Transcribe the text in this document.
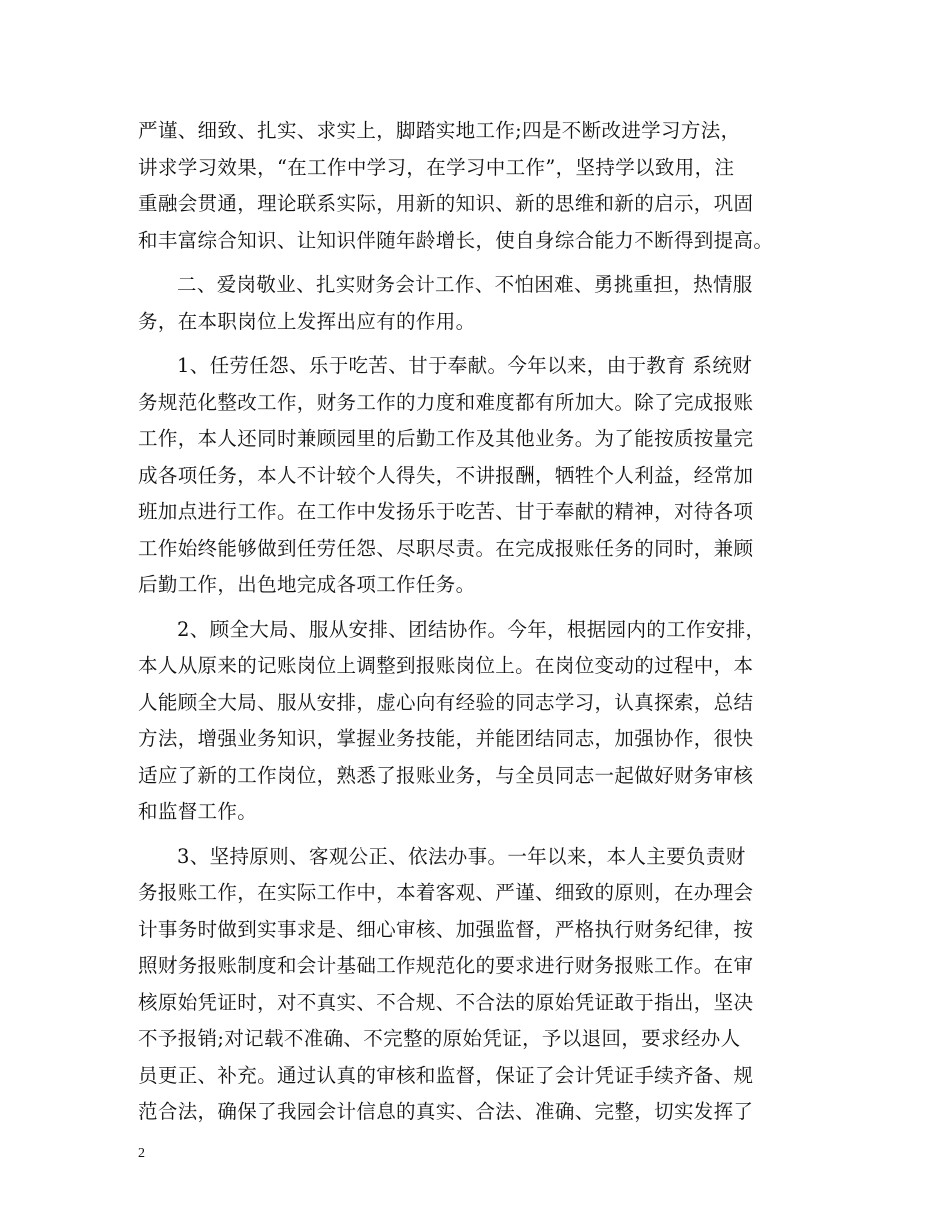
严谨、细致、扎实、求实上，脚踏实地工作;四是不断改进学习方法，
讲求学习效果，“在工作中学习，在学习中工作”，坚持学以致用，注
重融会贯通，理论联系实际，用新的知识、新的思维和新的启示，巩固
和丰富综合知识、让知识伴随年龄增长，使自身综合能力不断得到提高。
二、爱岗敬业、扎实财务会计工作、不怕困难、勇挑重担，热情服
务，在本职岗位上发挥出应有的作用。
1、任劳任怨、乐于吃苦、甘于奉献。今年以来，由于教育 系统财
务规范化整改工作，财务工作的力度和难度都有所加大。除了完成报账
工作，本人还同时兼顾园里的后勤工作及其他业务。为了能按质按量完
成各项任务，本人不计较个人得失，不讲报酬，牺牲个人利益，经常加
班加点进行工作。在工作中发扬乐于吃苦、甘于奉献的精神，对待各项
工作始终能够做到任劳任怨、尽职尽责。在完成报账任务的同时，兼顾
后勤工作，出色地完成各项工作任务。
2、顾全大局、服从安排、团结协作。今年，根据园内的工作安排，
本人从原来的记账岗位上调整到报账岗位上。在岗位变动的过程中，本
人能顾全大局、服从安排，虚心向有经验的同志学习，认真探索，总结
方法，增强业务知识，掌握业务技能，并能团结同志，加强协作，很快
适应了新的工作岗位，熟悉了报账业务，与全员同志一起做好财务审核
和监督工作。
3、坚持原则、客观公正、依法办事。一年以来，本人主要负责财
务报账工作，在实际工作中，本着客观、严谨、细致的原则，在办理会
计事务时做到实事求是、细心审核、加强监督，严格执行财务纪律，按
照财务报账制度和会计基础工作规范化的要求进行财务报账工作。在审
核原始凭证时，对不真实、不合规、不合法的原始凭证敢于指出，坚决
不予报销;对记载不准确、不完整的原始凭证，予以退回，要求经办人
员更正、补充。通过认真的审核和监督，保证了会计凭证手续齐备、规
范合法，确保了我园会计信息的真实、合法、准确、完整，切实发挥了
2
